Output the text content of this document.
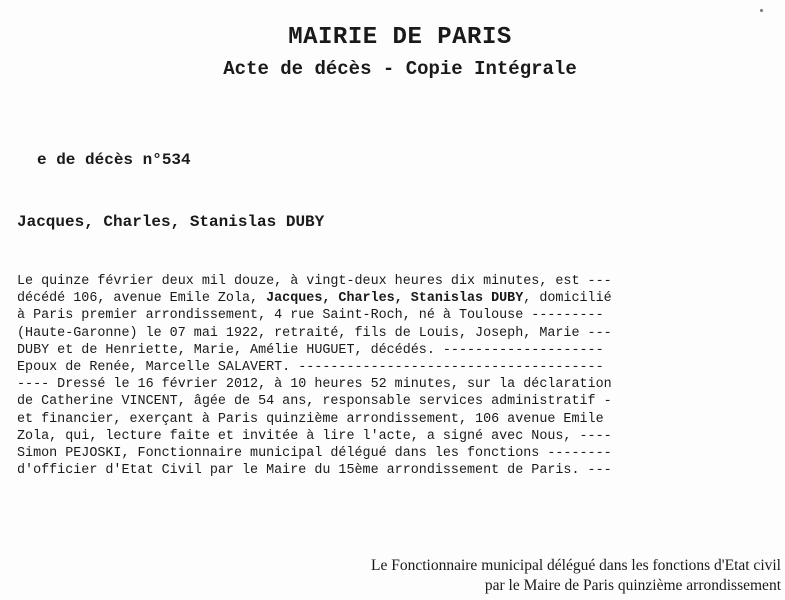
MAIRIE DE PARIS
Acte de décès - Copie Intégrale
e de décès n°534
Jacques, Charles, Stanislas DUBY
Le quinze février deux mil douze, à vingt-deux heures dix minutes, est ---
décédé 106, avenue Emile Zola, Jacques, Charles, Stanislas DUBY, domicilié
à Paris premier arrondissement, 4 rue Saint-Roch, né à Toulouse ---------
(Haute-Garonne) le 07 mai 1922, retraité, fils de Louis, Joseph, Marie ---
DUBY et de Henriette, Marie, Amélie HUGUET, décédés. --------------------
Epoux de Renée, Marcelle SALAVERT. --------------------------------------
---- Dressé le 16 février 2012, à 10 heures 52 minutes, sur la déclaration
de Catherine VINCENT, âgée de 54 ans, responsable services administratif -
et financier, exerçant à Paris quinzième arrondissement, 106 avenue Emile
Zola, qui, lecture faite et invitée à lire l'acte, a signé avec Nous, ----
Simon PEJOSKI, Fonctionnaire municipal délégué dans les fonctions --------
d'officier d'Etat Civil par le Maire du 15ème arrondissement de Paris. ---
Le Fonctionnaire municipal délégué dans les fonctions d'Etat civil
par le Maire de Paris quinzième arrondissement
